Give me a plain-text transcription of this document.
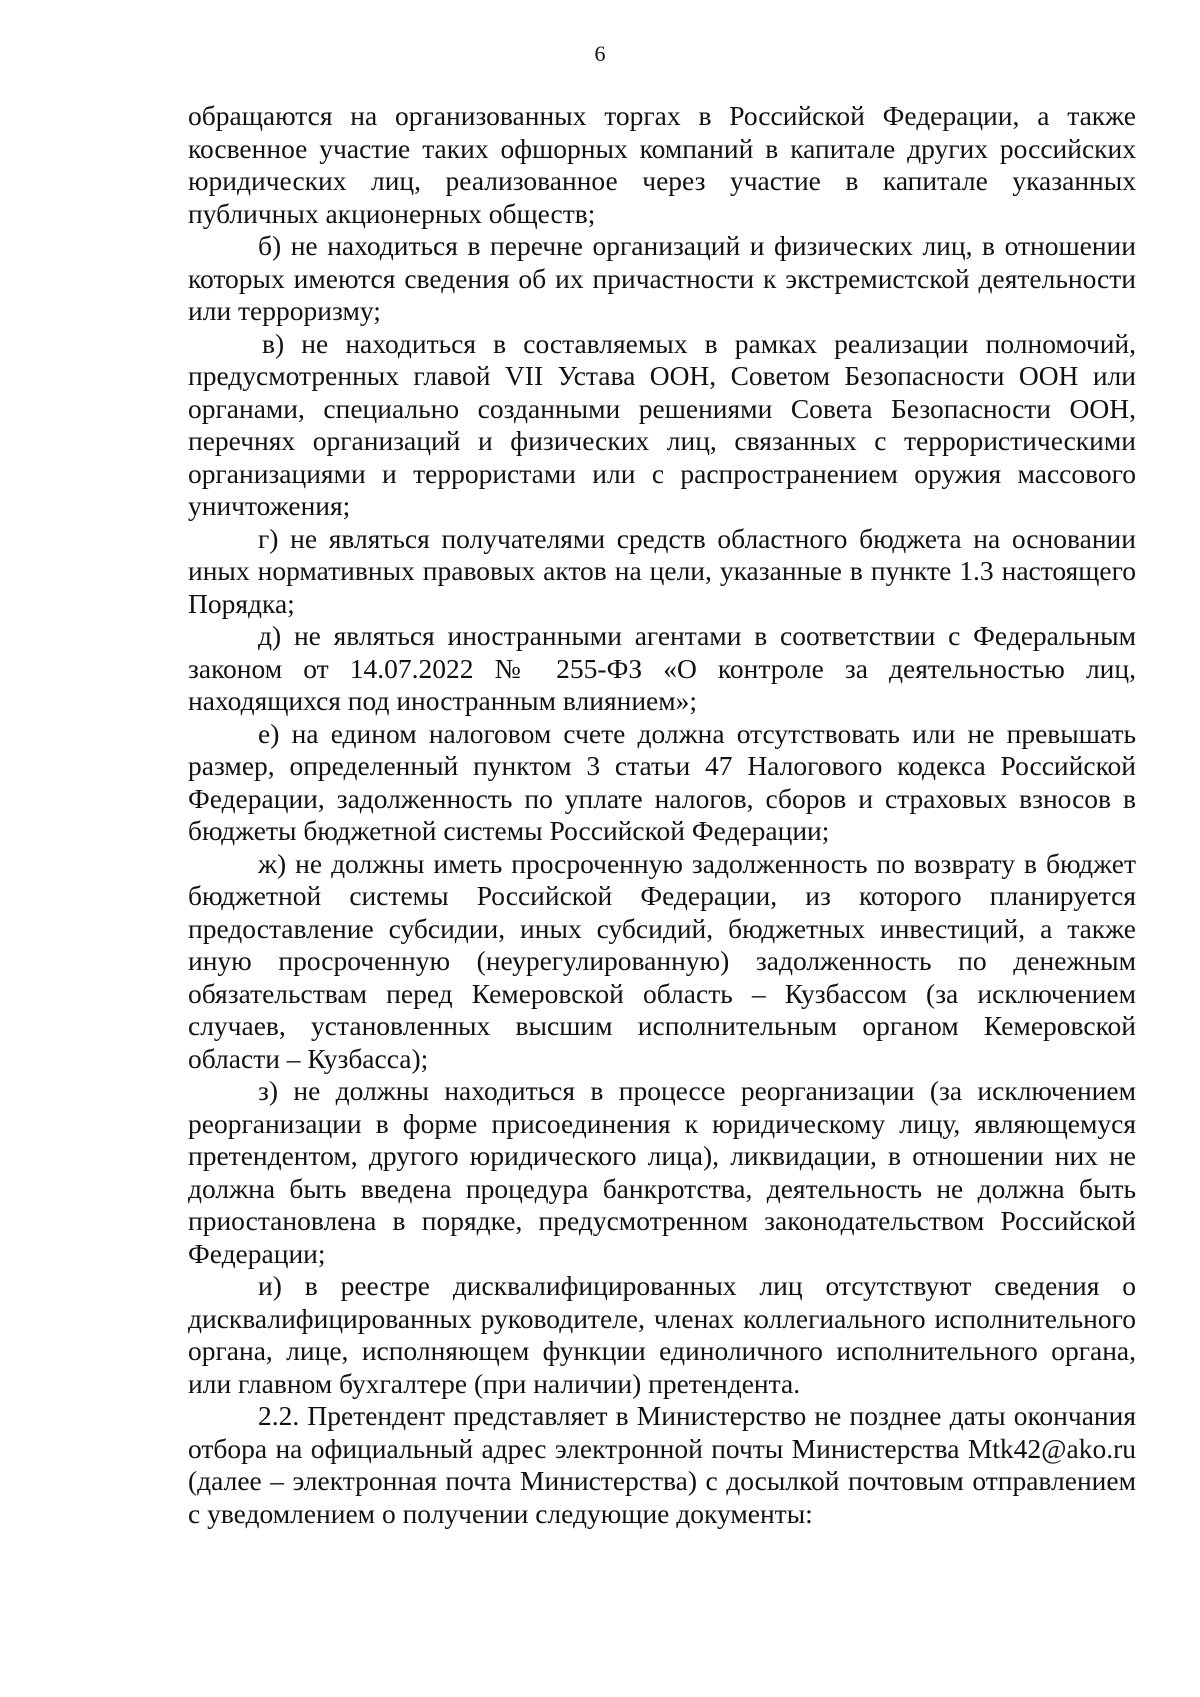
6

обращаются на организованных торгах в Российской Федерации, а также косвенное участие таких офшорных компаний в капитале других российских юридических лиц, реализованное через участие в капитале указанных публичных акционерных обществ;

б) не находиться в перечне организаций и физических лиц, в отношении которых имеются сведения об их причастности к экстремистской деятельности или терроризму;

в) не находиться в составляемых в рамках реализации полномочий, предусмотренных главой VII Устава ООН, Советом Безопасности ООН или органами, специально созданными решениями Совета Безопасности ООН, перечнях организаций и физических лиц, связанных с террористическими организациями и террористами или с распространением оружия массового уничтожения;

г) не являться получателями средств областного бюджета на основании иных нормативных правовых актов на цели, указанные в пункте 1.3 настоящего Порядка;

д) не являться иностранными агентами в соответствии с Федеральным законом от 14.07.2022 № 255-ФЗ «О контроле за деятельностью лиц, находящихся под иностранным влиянием»;

е) на едином налоговом счете должна отсутствовать или не превышать размер, определенный пунктом 3 статьи 47 Налогового кодекса Российской Федерации, задолженность по уплате налогов, сборов и страховых взносов в бюджеты бюджетной системы Российской Федерации;

ж) не должны иметь просроченную задолженность по возврату в бюджет бюджетной системы Российской Федерации, из которого планируется предоставление субсидии, иных субсидий, бюджетных инвестиций, а также иную просроченную (неурегулированную) задолженность по денежным обязательствам перед Кемеровской область – Кузбассом (за исключением случаев, установленных высшим исполнительным органом Кемеровской области – Кузбасса);

з) не должны находиться в процессе реорганизации (за исключением реорганизации в форме присоединения к юридическому лицу, являющемуся претендентом, другого юридического лица), ликвидации, в отношении них не должна быть введена процедура банкротства, деятельность не должна быть приостановлена в порядке, предусмотренном законодательством Российской Федерации;

и) в реестре дисквалифицированных лиц отсутствуют сведения о дисквалифицированных руководителе, членах коллегиального исполнительного органа, лице, исполняющем функции единоличного исполнительного органа, или главном бухгалтере (при наличии) претендента.

2.2. Претендент представляет в Министерство не позднее даты окончания отбора на официальный адрес электронной почты Министерства Mtk42@ako.ru (далее – электронная почта Министерства) с досылкой почтовым отправлением с уведомлением о получении следующие документы:
